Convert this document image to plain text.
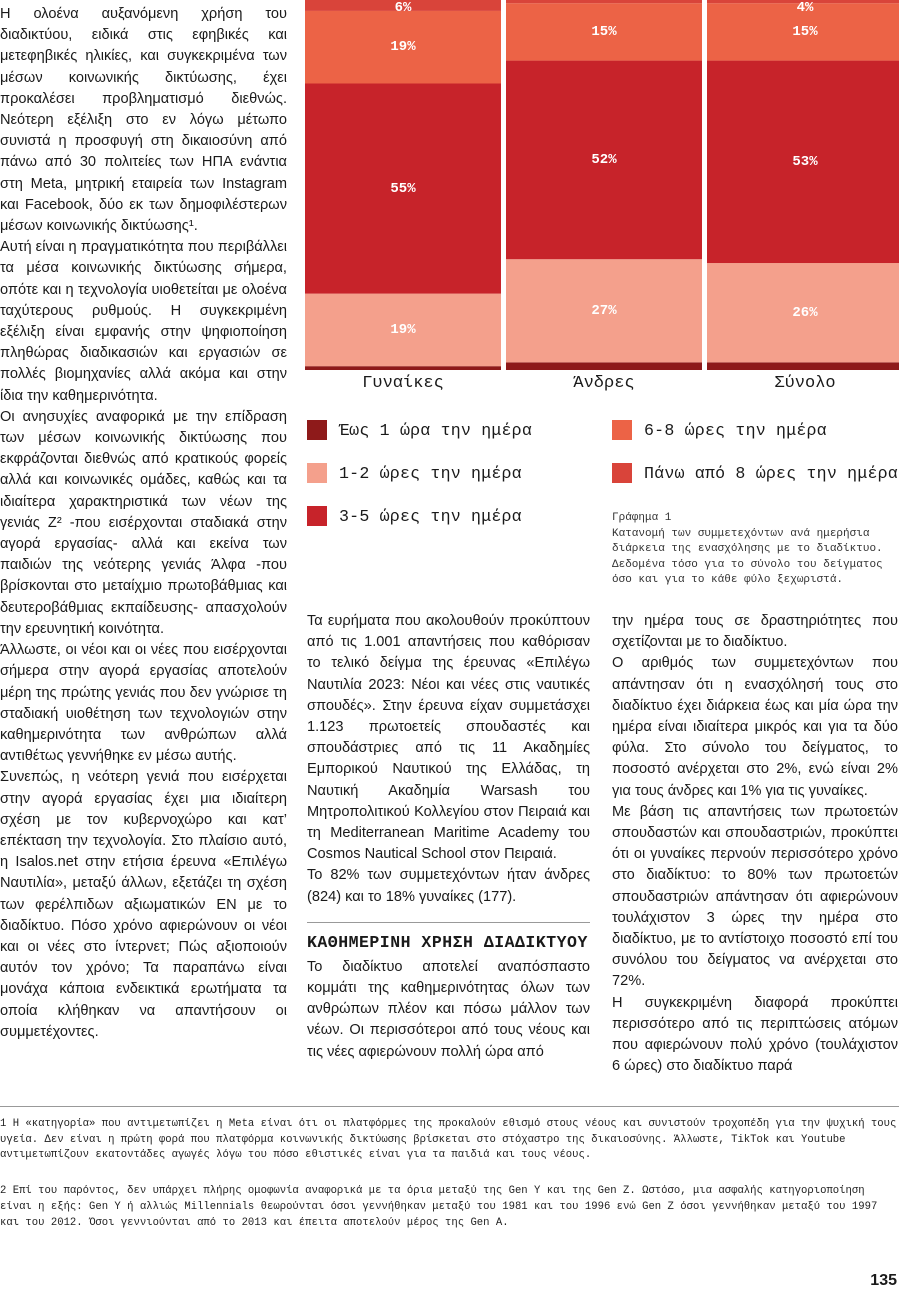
Η ολοένα αυξανόμενη χρήση του διαδικτύου, ειδικά στις εφηβικές και μετεφηβικές ηλικίες, και συγκεκριμένα των μέσων κοινωνικής δικτύωσης, έχει προκαλέσει προβληματισμό διεθνώς. Νεότερη εξέλιξη στο εν λόγω μέτωπο συνιστά η προσφυγή στη δικαιοσύνη από πάνω από 30 πολιτείες των ΗΠΑ ενάντια στη Meta, μητρική εταιρεία των Instagram και Facebook, δύο εκ των δημοφιλέστερων μέσων κοινωνικής δικτύωσης¹.

Αυτή είναι η πραγματικότητα που περιβάλλει τα μέσα κοινωνικής δικτύωσης σήμερα, οπότε και η τεχνολογία υιοθετείται με ολοένα ταχύτερους ρυθμούς. Η συγκεκριμένη εξέλιξη είναι εμφανής στην ψηφιοποίηση πληθώρας διαδικασιών και εργασιών σε πολλές βιομηχανίες αλλά ακόμα και στην ίδια την καθημερινότητα.

Οι ανησυχίες αναφορικά με την επίδραση των μέσων κοινωνικής δικτύωσης που εκφράζονται διεθνώς από κρατικούς φορείς αλλά και κοινωνικές ομάδες, καθώς και τα ιδιαίτερα χαρακτηριστικά των νέων της γενιάς Ζ² -που εισέρχονται σταδιακά στην αγορά εργασίας- αλλά και εκείνα των παιδιών της νεότερης γενιάς Άλφα -που βρίσκονται στο μεταίχμιο πρωτοβάθμιας και δευτεροβάθμιας εκπαίδευσης- απασχολούν την ερευνητική κοινότητα.

Άλλωστε, οι νέοι και οι νέες που εισέρχονται σήμερα στην αγορά εργασίας αποτελούν μέρη της πρώτης γενιάς που δεν γνώρισε τη σταδιακή υιοθέτηση των τεχνολογιών στην καθημερινότητα των ανθρώπων αλλά αντιθέτως γεννήθηκε εν μέσω αυτής.

Συνεπώς, η νεότερη γενιά που εισέρχεται στην αγορά εργασίας έχει μια ιδιαίτερη σχέση με τον κυβερνοχώρο και κατ’ επέκταση την τεχνολογία. Στο πλαίσιο αυτό, η Isalos.net στην ετήσια έρευνα «Επιλέγω Ναυτιλία», μεταξύ άλλων, εξετάζει τη σχέση των φερέλπιδων αξιωματικών ΕΝ με το διαδίκτυο. Πόσο χρόνο αφιερώνουν οι νέοι και οι νέες στο ίντερνετ; Πώς αξιοποιούν αυτόν τον χρόνο; Τα παραπάνω είναι μονάχα κάποια ενδεικτικά ερωτήματα τα οποία κλήθηκαν να απαντήσουν οι συμμετέχοντες.

19%
55%
19%
6%
27%
52%
15%
26%
53%
15%
4%
Γυναίκες	Άνδρες	Σύνολο
Έως 1 ώρα την ημέρα
1-2 ώρες την ημέρα
3-5 ώρες την ημέρα
6-8 ώρες την ημέρα
Πάνω από 8 ώρες την ημέρα
Γράφημα 1
Κατανομή των συμμετεχόντων ανά ημερήσια διάρκεια της ενασχόλησης με το διαδίκτυο. Δεδομένα τόσο για το σύνολο του δείγματος όσο και για το κάθε φύλο ξεχωριστά.

Τα ευρήματα που ακολουθούν προκύπτουν από τις 1.001 απαντήσεις που καθόρισαν το τελικό δείγμα της έρευνας «Επιλέγω Ναυτιλία 2023: Νέοι και νέες στις ναυτικές σπουδές». Στην έρευνα είχαν συμμετάσχει 1.123 πρωτοετείς σπουδαστές και σπουδάστριες από τις 11 Ακαδημίες Εμπορικού Ναυτικού της Ελλάδας, τη Ναυτική Ακαδημία Warsash του Μητροπολιτικού Κολλεγίου στον Πειραιά και τη Mediterranean Maritime Academy του Cosmos Nautical School στον Πειραιά.

Το 82% των συμμετεχόντων ήταν άνδρες (824) και το 18% γυναίκες (177).

ΚΑΘΗΜΕΡΙΝΗ ΧΡΗΣΗ ΔΙΑΔΙΚΤΥΟΥ

Το διαδίκτυο αποτελεί αναπόσπαστο κομμάτι της καθημερινότητας όλων των ανθρώπων πλέον και πόσω μάλλον των νέων. Οι περισσότεροι από τους νέους και τις νέες αφιερώνουν πολλή ώρα από

την ημέρα τους σε δραστηριότητες που σχετίζονται με το διαδίκτυο.

Ο αριθμός των συμμετεχόντων που απάντησαν ότι η ενασχόλησή τους στο διαδίκτυο έχει διάρκεια έως και μία ώρα την ημέρα είναι ιδιαίτερα μικρός και για τα δύο φύλα. Στο σύνολο του δείγματος, το ποσοστό ανέρχεται στο 2%, ενώ είναι 2% για τους άνδρες και 1% για τις γυναίκες.

Με βάση τις απαντήσεις των πρωτοετών σπουδαστών και σπουδαστριών, προκύπτει ότι οι γυναίκες περνούν περισσότερο χρόνο στο διαδίκτυο: το 80% των πρωτοετών σπουδαστριών απάντησαν ότι αφιερώνουν τουλάχιστον 3 ώρες την ημέρα στο διαδίκτυο, με το αντίστοιχο ποσοστό επί του συνόλου του δείγματος να ανέρχεται στο 72%.

Η συγκεκριμένη διαφορά προκύπτει περισσότερο από τις περιπτώσεις ατόμων που αφιερώνουν πολύ χρόνο (τουλάχιστον 6 ώρες) στο διαδίκτυο παρά

1 Η «κατηγορία» που αντιμετωπίζει η Meta είναι ότι οι πλατφόρμες της προκαλούν εθισμό στους νέους και συνιστούν τροχοπέδη για την ψυχική τους υγεία. Δεν είναι η πρώτη φορά που πλατφόρμα κοινωνικής δικτύωσης βρίσκεται στο στόχαστρο της δικαιοσύνης. Άλλωστε, TikTok και Youtube αντιμετωπίζουν εκατοντάδες αγωγές λόγω του πόσο εθιστικές είναι για τα παιδιά και τους νέους.

2 Επί του παρόντος, δεν υπάρχει πλήρης ομοφωνία αναφορικά με τα όρια μεταξύ της Gen Y και της Gen Z. Ωστόσο, μια ασφαλής κατηγοριοποίηση είναι η εξής: Gen Y ή αλλιώς Millennials θεωρούνται όσοι γεννήθηκαν μεταξύ του 1981 και του 1996 ενώ Gen Z όσοι γεννήθηκαν μεταξύ του 1997 και του 2012. Όσοι γεννιούνται από το 2013 και έπειτα αποτελούν μέρος της Gen A.

135
